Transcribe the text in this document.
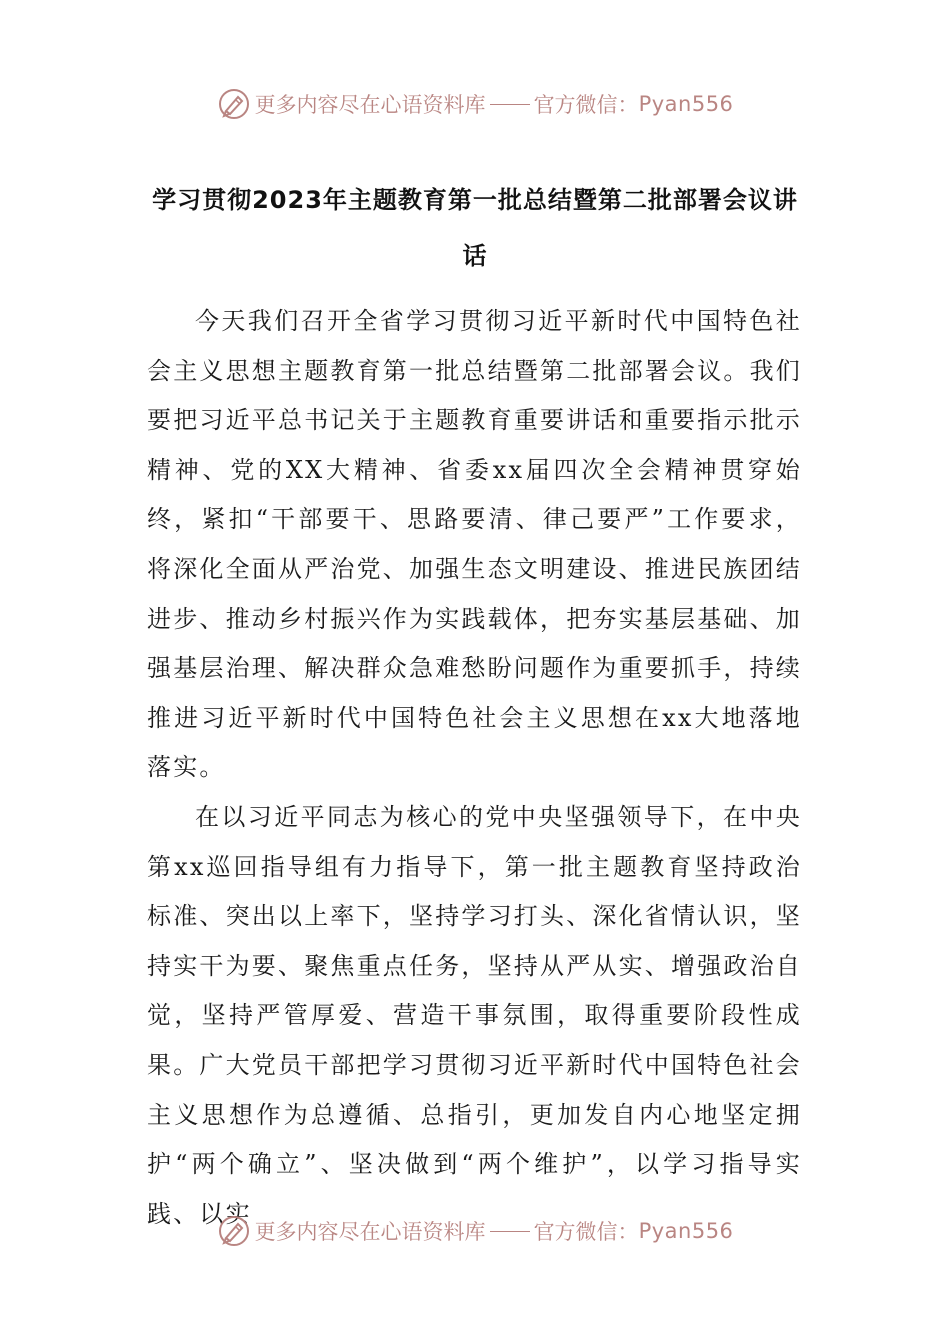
更多内容尽在心语资料库 官方微信： Pyan556
学习贯彻2023年主题教育第一批总结暨第二批部署会议讲话

今天我们召开全省学习贯彻习近平新时代中国特色社会主义思想主题教育第一批总结暨第二批部署会议。我们要把习近平总书记关于主题教育重要讲话和重要指示批示精神、党的XX大精神、省委xx届四次全会精神贯穿始终，紧扣“干部要干、思路要清、律己要严”工作要求，将深化全面从严治党、加强生态文明建设、推进民族团结进步、推动乡村振兴作为实践载体，把夯实基层基础、加强基层治理、解决群众急难愁盼问题作为重要抓手，持续推进习近平新时代中国特色社会主义思想在xx大地落地落实。

在以习近平同志为核心的党中央坚强领导下，在中央第xx巡回指导组有力指导下，第一批主题教育坚持政治标准、突出以上率下，坚持学习打头、深化省情认识，坚持实干为要、聚焦重点任务，坚持从严从实、增强政治自觉，坚持严管厚爱、营造干事氛围，取得重要阶段性成果。广大党员干部把学习贯彻习近平新时代中国特色社会主义思想作为总遵循、总指引，更加发自内心地坚定拥护“两个确立”、坚决做到“两个维护”，以学习指导实践、以实

更多内容尽在心语资料库 官方微信： Pyan556
